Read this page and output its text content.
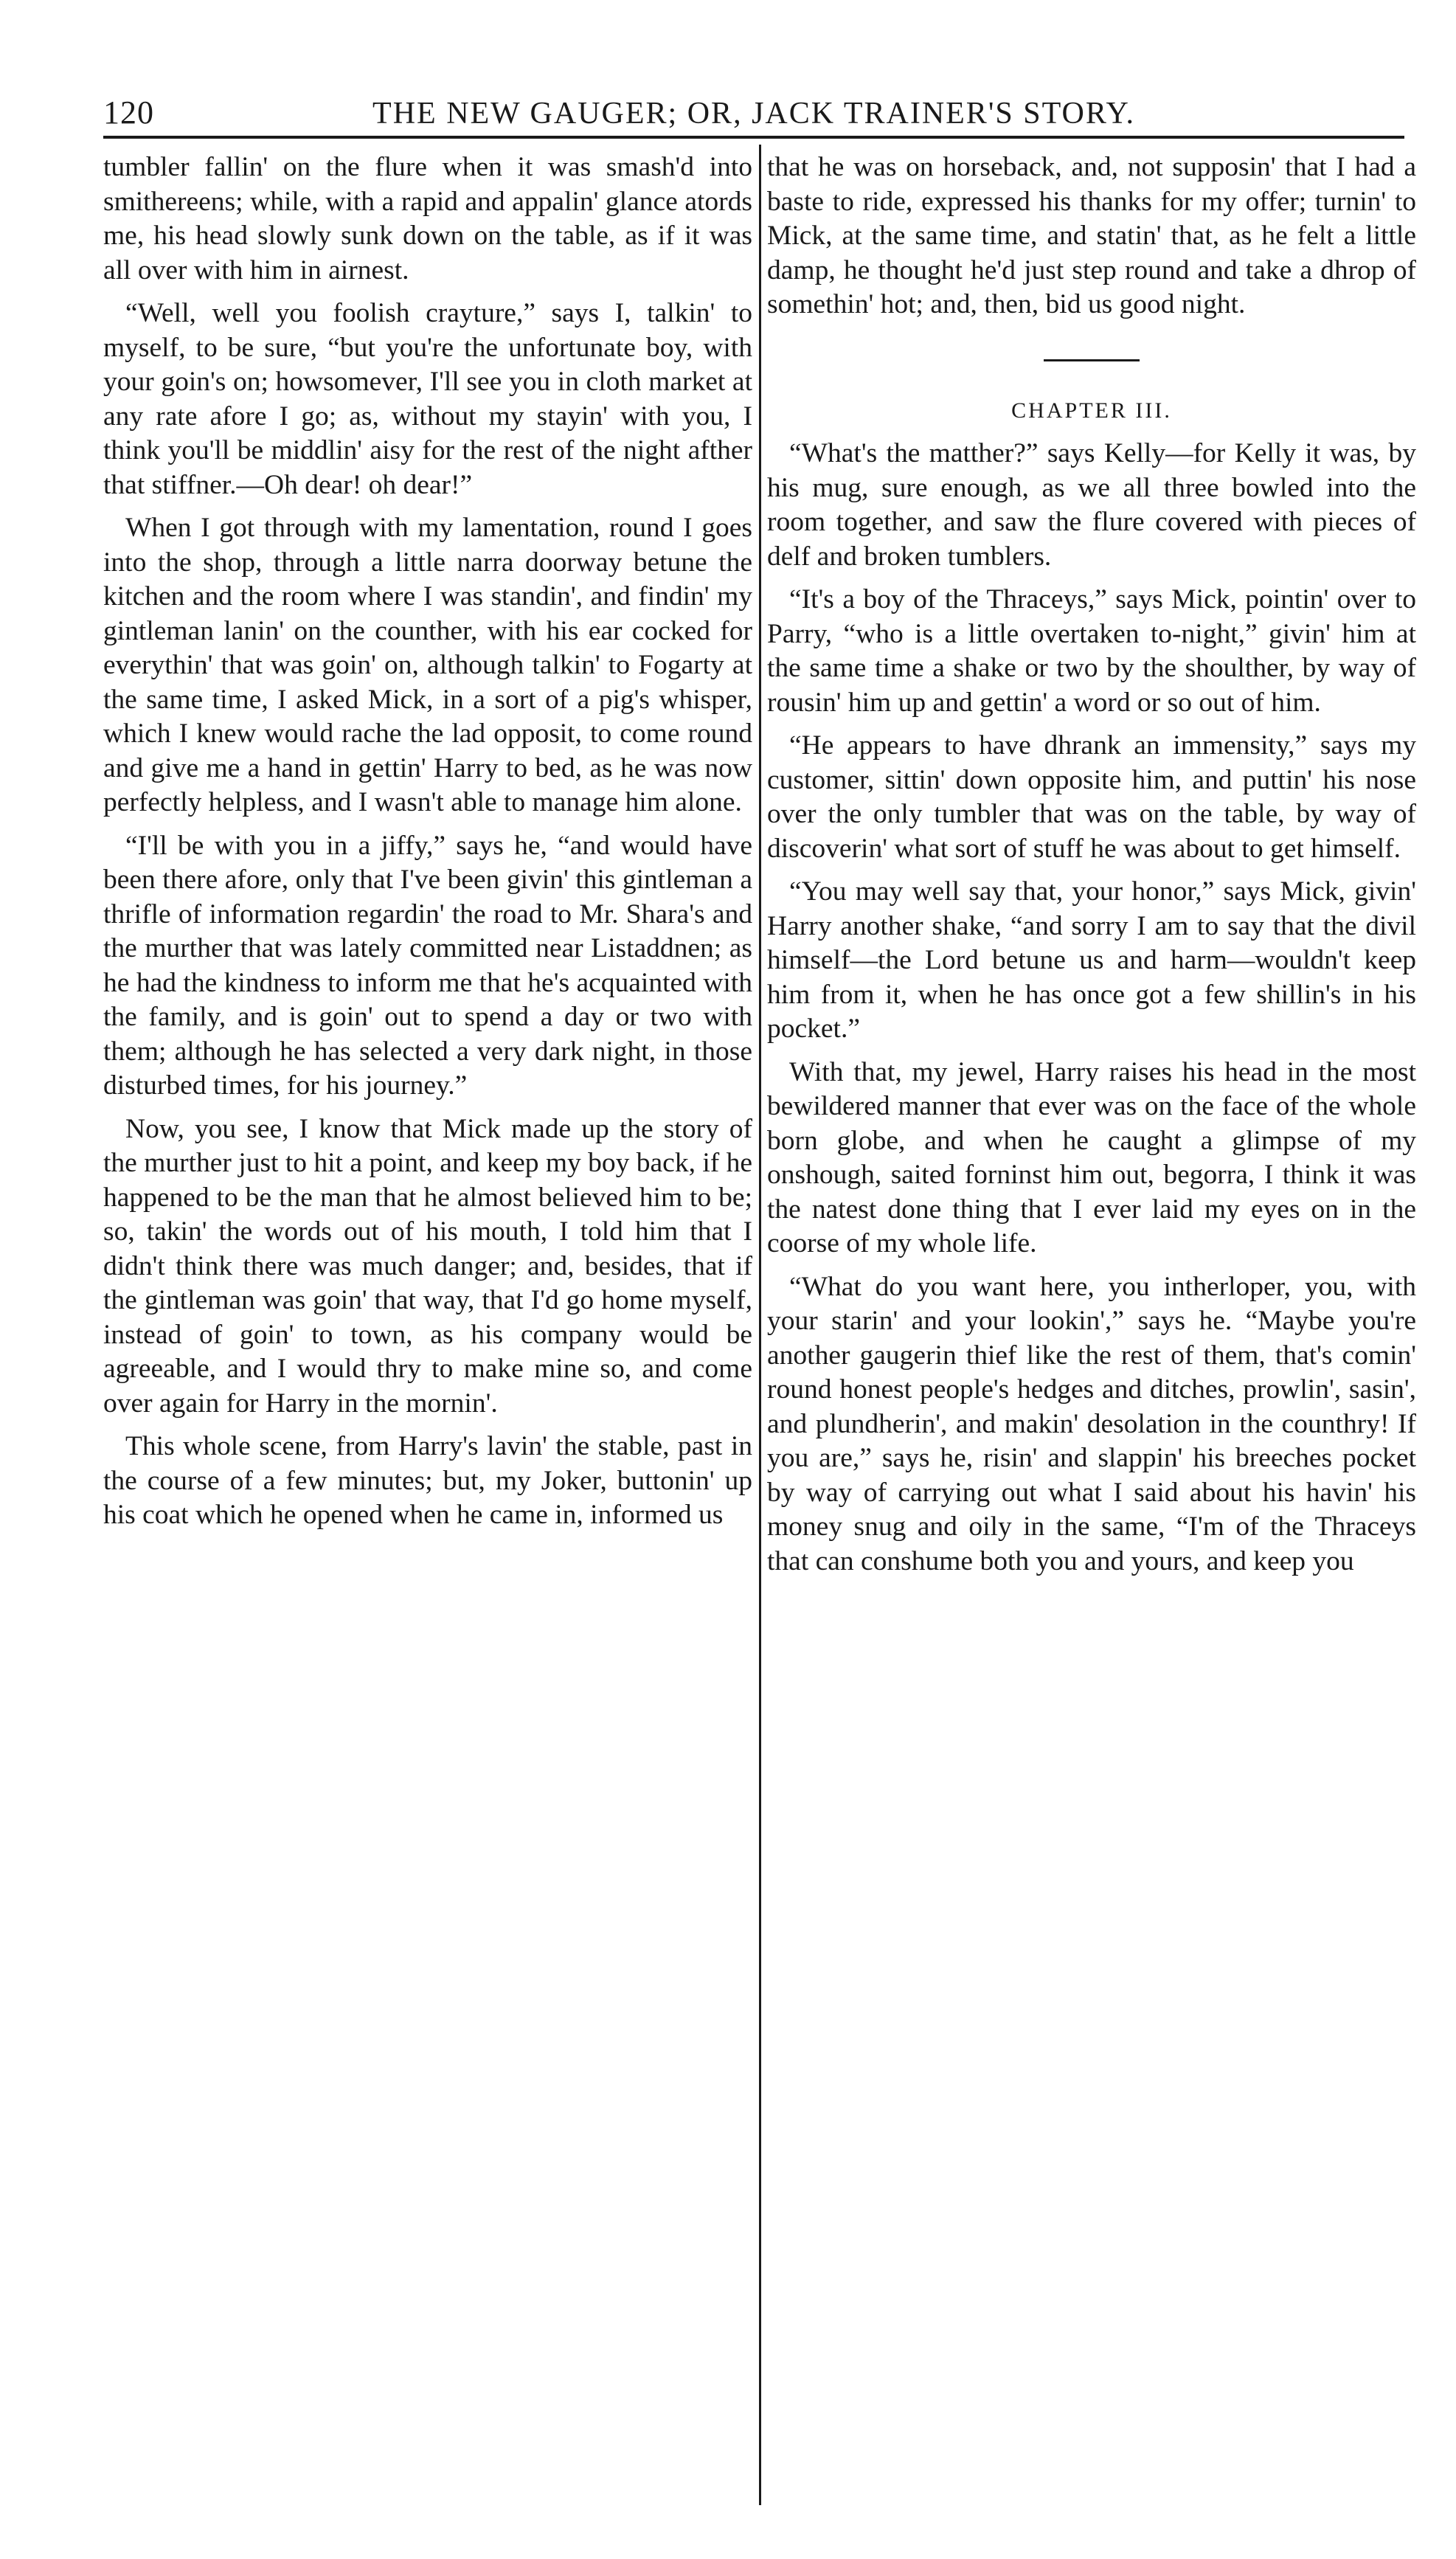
120	THE NEW GAUGER; OR, JACK TRAINER'S STORY.

tumbler fallin' on the flure when it was smash'd into smithereens; while, with a rapid and appalin' glance atords me, his head slowly sunk down on the table, as if it was all over with him in airnest.

“Well, well you foolish crayture,” says I, talkin' to myself, to be sure, “but you're the unfortunate boy, with your goin's on; howsomever, I'll see you in cloth market at any rate afore I go; as, without my stayin' with you, I think you'll be middlin' aisy for the rest of the night afther that stiffner.—Oh dear! oh dear!”

When I got through with my lamentation, round I goes into the shop, through a little narra doorway betune the kitchen and the room where I was standin', and findin' my gintleman lanin' on the counther, with his ear cocked for everythin' that was goin' on, although talkin' to Fogarty at the same time, I asked Mick, in a sort of a pig's whisper, which I knew would rache the lad opposit, to come round and give me a hand in gettin' Harry to bed, as he was now perfectly helpless, and I wasn't able to manage him alone.

“I'll be with you in a jiffy,” says he, “and would have been there afore, only that I've been givin' this gintleman a thrifle of information regardin' the road to Mr. Shara's and the murther that was lately committed near Listaddnen; as he had the kindness to inform me that he's acquainted with the family, and is goin' out to spend a day or two with them; although he has selected a very dark night, in those disturbed times, for his journey.”

Now, you see, I know that Mick made up the story of the murther just to hit a point, and keep my boy back, if he happened to be the man that he almost believed him to be; so, takin' the words out of his mouth, I told him that I didn't think there was much danger; and, besides, that if the gintleman was goin' that way, that I'd go home myself, instead of goin' to town, as his company would be agreeable, and I would thry to make mine so, and come over again for Harry in the mornin'.

This whole scene, from Harry's lavin' the stable, past in the course of a few minutes; but, my Joker, buttonin' up his coat which he opened when he came in, informed us

that he was on horseback, and, not supposin' that I had a baste to ride, expressed his thanks for my offer; turnin' to Mick, at the same time, and statin' that, as he felt a little damp, he thought he'd just step round and take a dhrop of somethin' hot; and, then, bid us good night.

CHAPTER III.

“What's the matther?” says Kelly—for Kelly it was, by his mug, sure enough, as we all three bowled into the room together, and saw the flure covered with pieces of delf and broken tumblers.

“It's a boy of the Thraceys,” says Mick, pointin' over to Parry, “who is a little overtaken to-night,” givin' him at the same time a shake or two by the shoulther, by way of rousin' him up and gettin' a word or so out of him.

“He appears to have dhrank an immensity,” says my customer, sittin' down opposite him, and puttin' his nose over the only tumbler that was on the table, by way of discoverin' what sort of stuff he was about to get himself.

“You may well say that, your honor,” says Mick, givin' Harry another shake, “and sorry I am to say that the divil himself—the Lord betune us and harm—wouldn't keep him from it, when he has once got a few shillin's in his pocket.”

With that, my jewel, Harry raises his head in the most bewildered manner that ever was on the face of the whole born globe, and when he caught a glimpse of my onshough, saited forninst him out, begorra, I think it was the natest done thing that I ever laid my eyes on in the coorse of my whole life.

“What do you want here, you intherloper, you, with your starin' and your lookin',” says he. “Maybe you're another gaugerin thief like the rest of them, that's comin' round honest people's hedges and ditches, prowlin', sasin', and plundherin', and makin' desolation in the counthry! If you are,” says he, risin' and slappin' his breeches pocket by way of carrying out what I said about his havin' his money snug and oily in the same, “I'm of the Thraceys that can conshume both you and yours, and keep you
